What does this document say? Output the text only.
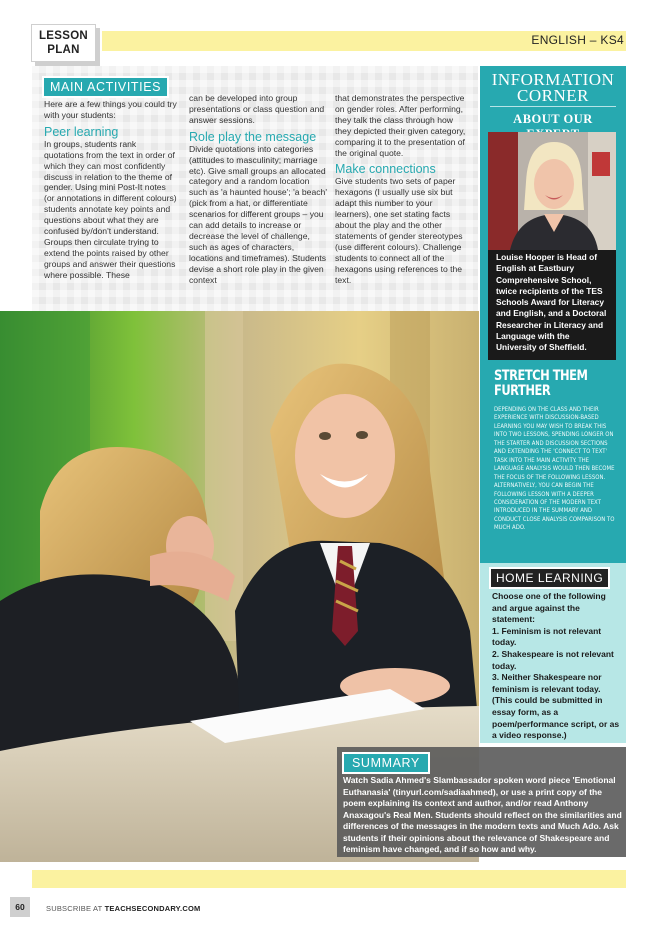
LESSON
PLAN
ENGLISH – KS4
MAIN ACTIVITIES

Here are a few things you could try with your students:

Peer learning

In groups, students rank quotations from the text in order of which they can most confidently discuss in relation to the theme of gender. Using mini Post-It notes (or annotations in different colours) students annotate key points and questions about what they are confused by/don't understand. Groups then circulate trying to extend the points raised by other groups and answer their questions where possible. These

can be developed into group presentations or class question and answer sessions.

Role play the message

Divide quotations into categories (attitudes to masculinity; marriage etc). Give small groups an allocated category and a random location such as 'a haunted house'; 'a beach' (pick from a hat, or differentiate scenarios for different groups – you can add details to increase or decrease the level of challenge, such as ages of characters, locations and timeframes). Students devise a short role play in the given context

that demonstrates the perspective on gender roles. After performing, they talk the class through how they depicted their given category, comparing it to the presentation of the original quote.

Make connections

Give students two sets of paper hexagons (I usually use six but adapt this number to your learners), one set stating facts about the play and the other statements of gender stereotypes (use different colours). Challenge students to connect all of the hexagons using references to the text.

INFORMATION
CORNER
ABOUT OUR
Louise Hooper is Head of English at Eastbury Comprehensive School, twice recipients of the TES Schools Award for Literacy and English, and a Doctoral Researcher in Literacy and Language with the University of Sheffield.
STRETCH THEM FURTHER
DEPENDING ON THE CLASS AND THEIR EXPERIENCE WITH DISCUSSION-BASED LEARNING YOU MAY WISH TO BREAK THIS INTO TWO LESSONS, SPENDING LONGER ON THE STARTER AND DISCUSSION SECTIONS AND EXTENDING THE 'CONNECT TO TEXT' TASK INTO THE MAIN ACTIVITY. THE LANGUAGE ANALYSIS WOULD THEN BECOME THE FOCUS OF THE FOLLOWING LESSON. ALTERNATIVELY, YOU CAN BEGIN THE FOLLOWING LESSON WITH A DEEPER CONSIDERATION OF THE MODERN TEXT INTRODUCED IN THE SUMMARY AND CONDUCT CLOSE ANALYSIS COMPARISON TO MUCH ADO.
HOME LEARNING

Choose one of the following and argue against the statement:

1. Feminism is not relevant today.

2. Shakespeare is not relevant today.

3. Neither Shakespeare nor feminism is relevant today. (This could be submitted in essay form, as a poem/performance script, or as a video response.)

SUMMARY
Watch Sadia Ahmed's Slambassador spoken word piece 'Emotional Euthanasia' (tinyurl.com/sadiaahmed), or use a print copy of the poem explaining its context and author, and/or read Anthony Anaxagou's Real Men. Students should reflect on the similarities and differences of the messages in the modern texts and Much Ado. Ask students if their opinions about the relevance of Shakespeare and feminism have changed, and if so how and why.
60	SUBSCRIBE AT TEACHSECONDARY.COM
